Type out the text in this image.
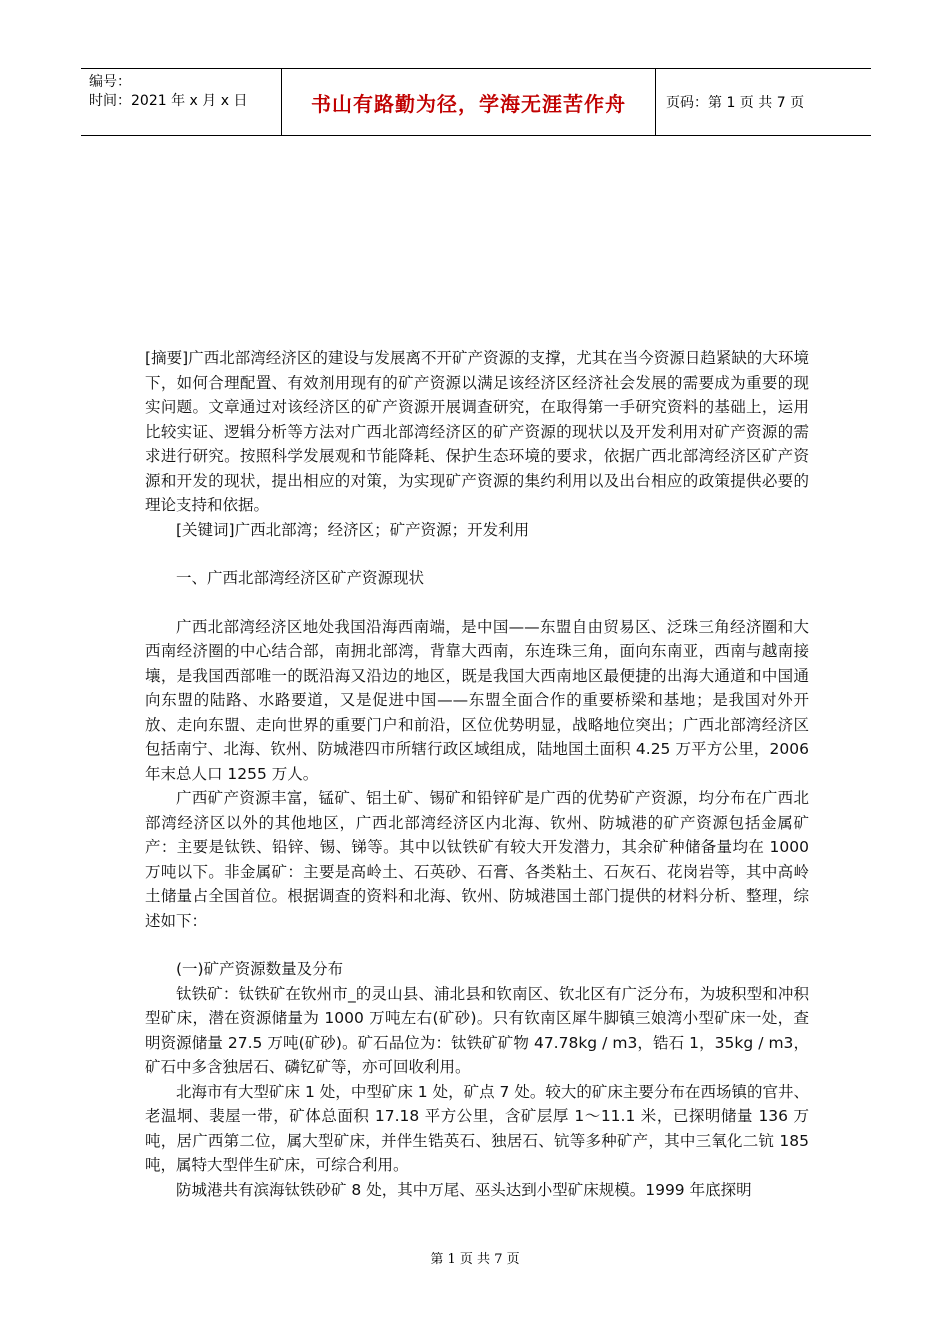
编号：
时间：2021 年 x 月 x 日	书山有路勤为径，学海无涯苦作舟	页码：第 1 页 共 7 页

[摘要]广西北部湾经济区的建设与发展离不开矿产资源的支撑，尤其在当今资源日趋紧缺的大环境下，如何合理配置、有效剂用现有的矿产资源以满足该经济区经济社会发展的需要成为重要的现实问题。文章通过对该经济区的矿产资源开展调查研究，在取得第一手研究资料的基础上，运用比较实证、逻辑分析等方法对广西北部湾经济区的矿产资源的现状以及开发利用对矿产资源的需求进行研究。按照科学发展观和节能降耗、保护生态环境的要求，依据广西北部湾经济区矿产资源和开发的现状，提出相应的对策，为实现矿产资源的集约利用以及出台相应的政策提供必要的理论支持和依据。

[关键词]广西北部湾；经济区；矿产资源；开发利用

一、广西北部湾经济区矿产资源现状

广西北部湾经济区地处我国沿海西南端，是中国——东盟自由贸易区、泛珠三角经济圈和大西南经济圈的中心结合部，南拥北部湾，背靠大西南，东连珠三角，面向东南亚，西南与越南接壤，是我国西部唯一的既沿海又沿边的地区，既是我国大西南地区最便捷的出海大通道和中国通向东盟的陆路、水路要道，又是促进中国——东盟全面合作的重要桥梁和基地；是我国对外开放、走向东盟、走向世界的重要门户和前沿，区位优势明显，战略地位突出；广西北部湾经济区包括南宁、北海、钦州、防城港四市所辖行政区域组成，陆地国土面积 4.25 万平方公里，2006 年末总人口 1255 万人。

广西矿产资源丰富，锰矿、铝土矿、锡矿和铅锌矿是广西的优势矿产资源，均分布在广西北部湾经济区以外的其他地区，广西北部湾经济区内北海、钦州、防城港的矿产资源包括金属矿产：主要是钛铁、铅锌、锡、锑等。其中以钛铁矿有较大开发潜力，其余矿种储备量均在 1000 万吨以下。非金属矿：主要是高岭土、石英砂、石膏、各类粘土、石灰石、花岗岩等，其中高岭土储量占全国首位。根据调查的资料和北海、钦州、防城港国土部门提供的材料分析、整理，综述如下：

(一)矿产资源数量及分布

钛铁矿：钛铁矿在钦州市_的灵山县、浦北县和钦南区、钦北区有广泛分布，为坡积型和冲积型矿床，潜在资源储量为 1000 万吨左右(矿砂)。只有钦南区犀牛脚镇三娘湾小型矿床一处，查明资源储量 27.5 万吨(矿砂)。矿石品位为：钛铁矿矿物 47.78kg / m3，锆石 1，35kg / m3，矿石中多含独居石、磷钇矿等，亦可回收利用。

北海市有大型矿床 1 处，中型矿床 1 处，矿点 7 处。较大的矿床主要分布在西场镇的官井、老温垌、裴屋一带，矿体总面积 17.18 平方公里，含矿层厚 1～11.1 米，已探明储量 136 万吨，居广西第二位，属大型矿床，并伴生锆英石、独居石、钪等多种矿产，其中三氧化二钪 185 吨，属特大型伴生矿床，可综合利用。

防城港共有滨海钛铁砂矿 8 处，其中万尾、巫头达到小型矿床规模。1999 年底探明

第 1 页 共 7 页
